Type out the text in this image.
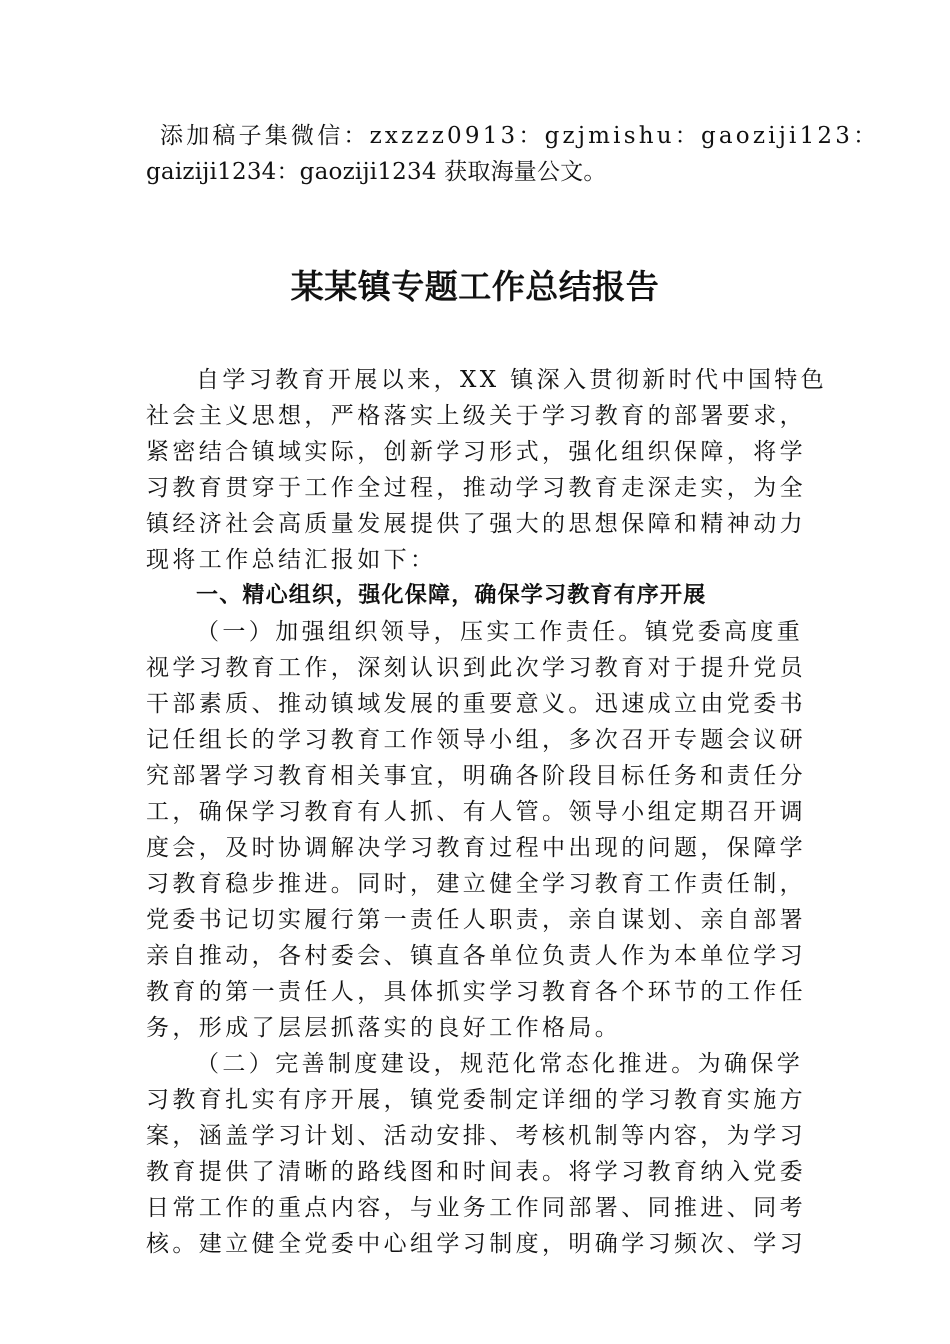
添加稿子集微信：zxzzz0913：gzjmishu：gaoziji123：
gaiziji1234：gaoziji1234 获取海量公文。
某某镇专题工作总结报告
自学习教育开展以来，XX 镇深入贯彻新时代中国特色
社会主义思想，严格落实上级关于学习教育的部署要求，
紧密结合镇域实际，创新学习形式，强化组织保障，将学
习教育贯穿于工作全过程，推动学习教育走深走实，为全
镇经济社会高质量发展提供了强大的思想保障和精神动力
现将工作总结汇报如下：
一、精心组织，强化保障，确保学习教育有序开展
（一）加强组织领导，压实工作责任。镇党委高度重
视学习教育工作，深刻认识到此次学习教育对于提升党员
干部素质、推动镇域发展的重要意义。迅速成立由党委书
记任组长的学习教育工作领导小组，多次召开专题会议研
究部署学习教育相关事宜，明确各阶段目标任务和责任分
工，确保学习教育有人抓、有人管。领导小组定期召开调
度会，及时协调解决学习教育过程中出现的问题，保障学
习教育稳步推进。同时，建立健全学习教育工作责任制，
党委书记切实履行第一责任人职责，亲自谋划、亲自部署
亲自推动，各村委会、镇直各单位负责人作为本单位学习
教育的第一责任人，具体抓实学习教育各个环节的工作任
务，形成了层层抓落实的良好工作格局。
（二）完善制度建设，规范化常态化推进。为确保学
习教育扎实有序开展，镇党委制定详细的学习教育实施方
案，涵盖学习计划、活动安排、考核机制等内容，为学习
教育提供了清晰的路线图和时间表。将学习教育纳入党委
日常工作的重点内容，与业务工作同部署、同推进、同考
核。建立健全党委中心组学习制度，明确学习频次、学习
